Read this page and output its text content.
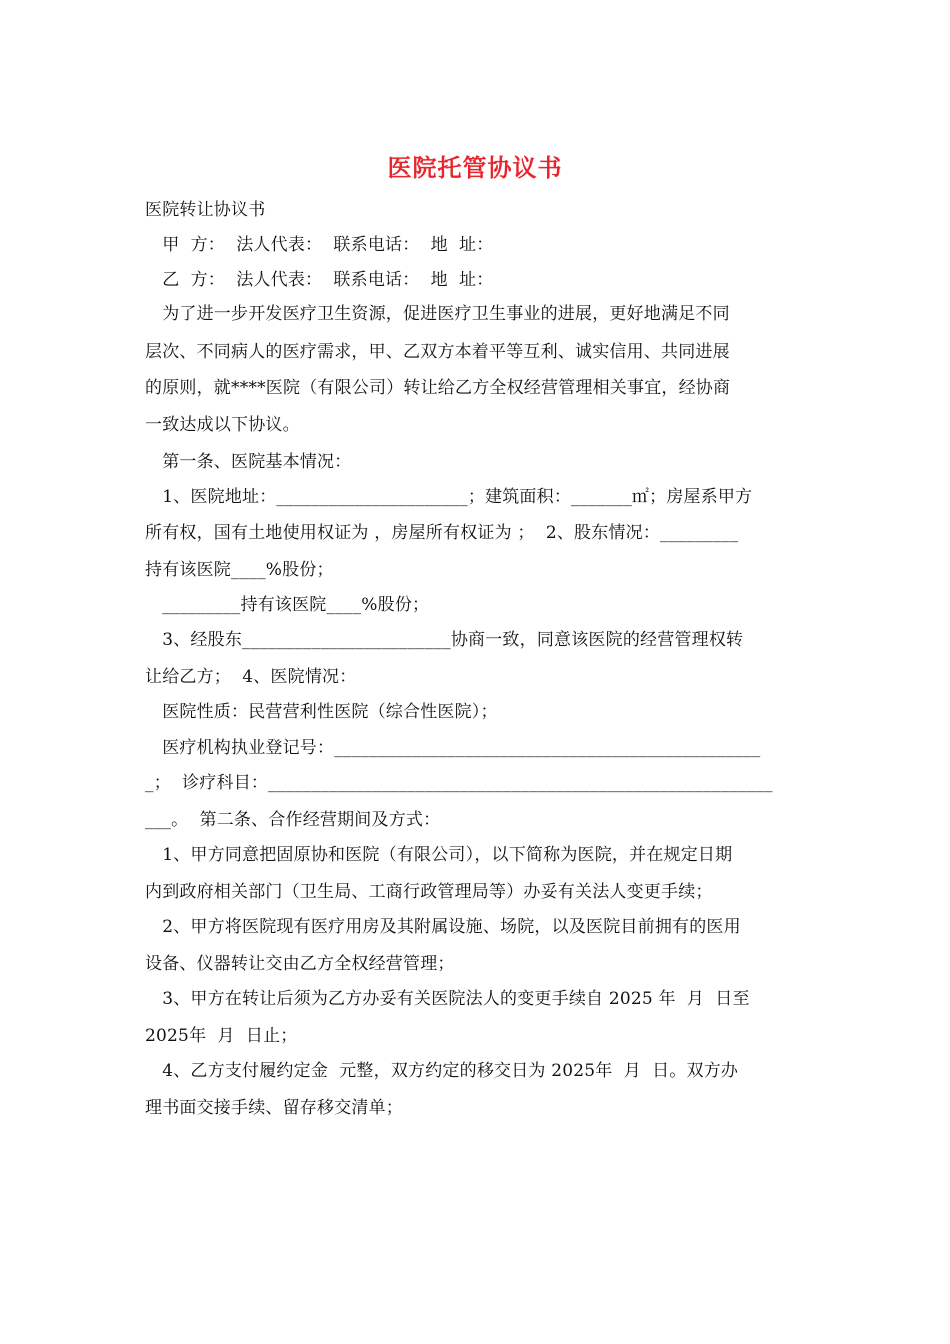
医院托管协议书
医院转让协议书
　甲  方：  法人代表：  联系电话：  地  址：
　乙  方：  法人代表：  联系电话：  地  址：
　为了进一步开发医疗卫生资源，促进医疗卫生事业的进展，更好地满足不同
层次、不同病人的医疗需求，甲、乙双方本着平等互利、诚实信用、共同进展
的原则，就****医院（有限公司）转让给乙方全权经营管理相关事宜，经协商
一致达成以下协议。
　第一条、医院基本情况：
　1、医院地址：______________________；建筑面积：_______㎡；房屋系甲方
所有权，国有土地使用权证为 ，房屋所有权证为 ；  2、股东情况：_________
持有该医院____%股份；
　_________持有该医院____%股份；
　3、经股东________________________协商一致，同意该医院的经营管理权转
让给乙方；  4、医院情况：
　医院性质：民营营利性医院（综合性医院）；
　医疗机构执业登记号：_________________________________________________
_；  诊疗科目：__________________________________________________________
___。  第二条、合作经营期间及方式：
　1、甲方同意把固原协和医院（有限公司），以下简称为医院，并在规定日期
内到政府相关部门（卫生局、工商行政管理局等）办妥有关法人变更手续；
　2、甲方将医院现有医疗用房及其附属设施、场院，以及医院目前拥有的医用
设备、仪器转让交由乙方全权经营管理；
　3、甲方在转让后须为乙方办妥有关医院法人的变更手续自 2025 年  月  日至
2025年  月  日止；
　4、乙方支付履约定金  元整，双方约定的移交日为 2025年  月  日。双方办
理书面交接手续、留存移交清单；
